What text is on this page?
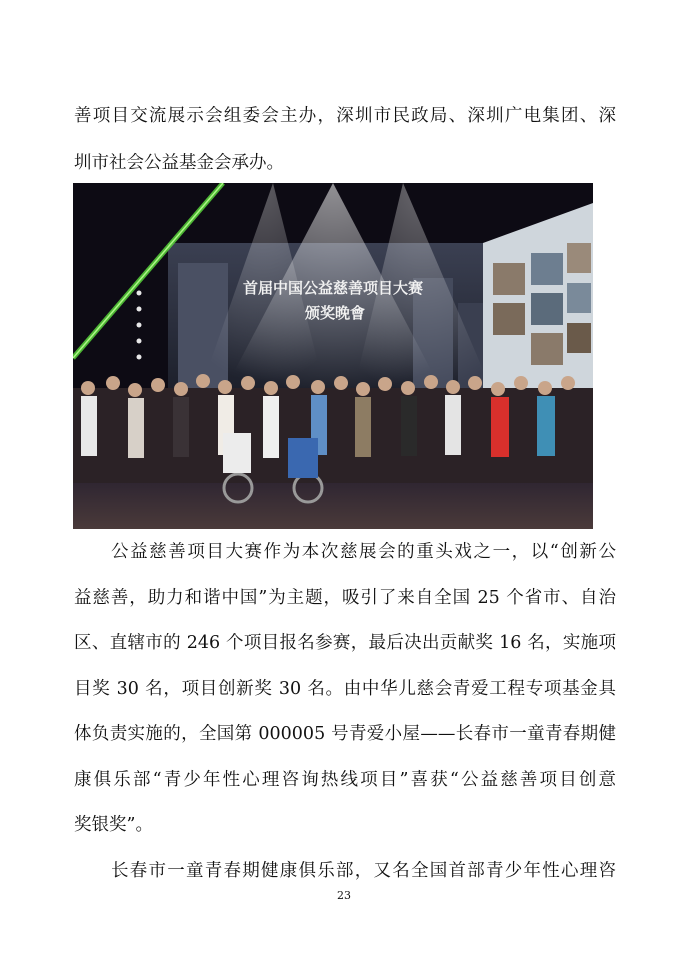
善项目交流展示会组委会主办，深圳市民政局、深圳广电集团、深
圳市社会公益基金会承办。
首届中国公益慈善项目大赛
颁奖晚會
公益慈善项目大赛作为本次慈展会的重头戏之一，以“创新公
益慈善，助力和谐中国”为主题，吸引了来自全国 25 个省市、自治
区、直辖市的 246 个项目报名参赛，最后决出贡献奖 16 名，实施项
目奖 30 名，项目创新奖 30 名。由中华儿慈会青爱工程专项基金具
体负责实施的，全国第 000005 号青爱小屋——长春市一童青春期健
康俱乐部“青少年性心理咨询热线项目”喜获“公益慈善项目创意
奖银奖”。
长春市一童青春期健康俱乐部，又名全国首部青少年性心理咨
23
